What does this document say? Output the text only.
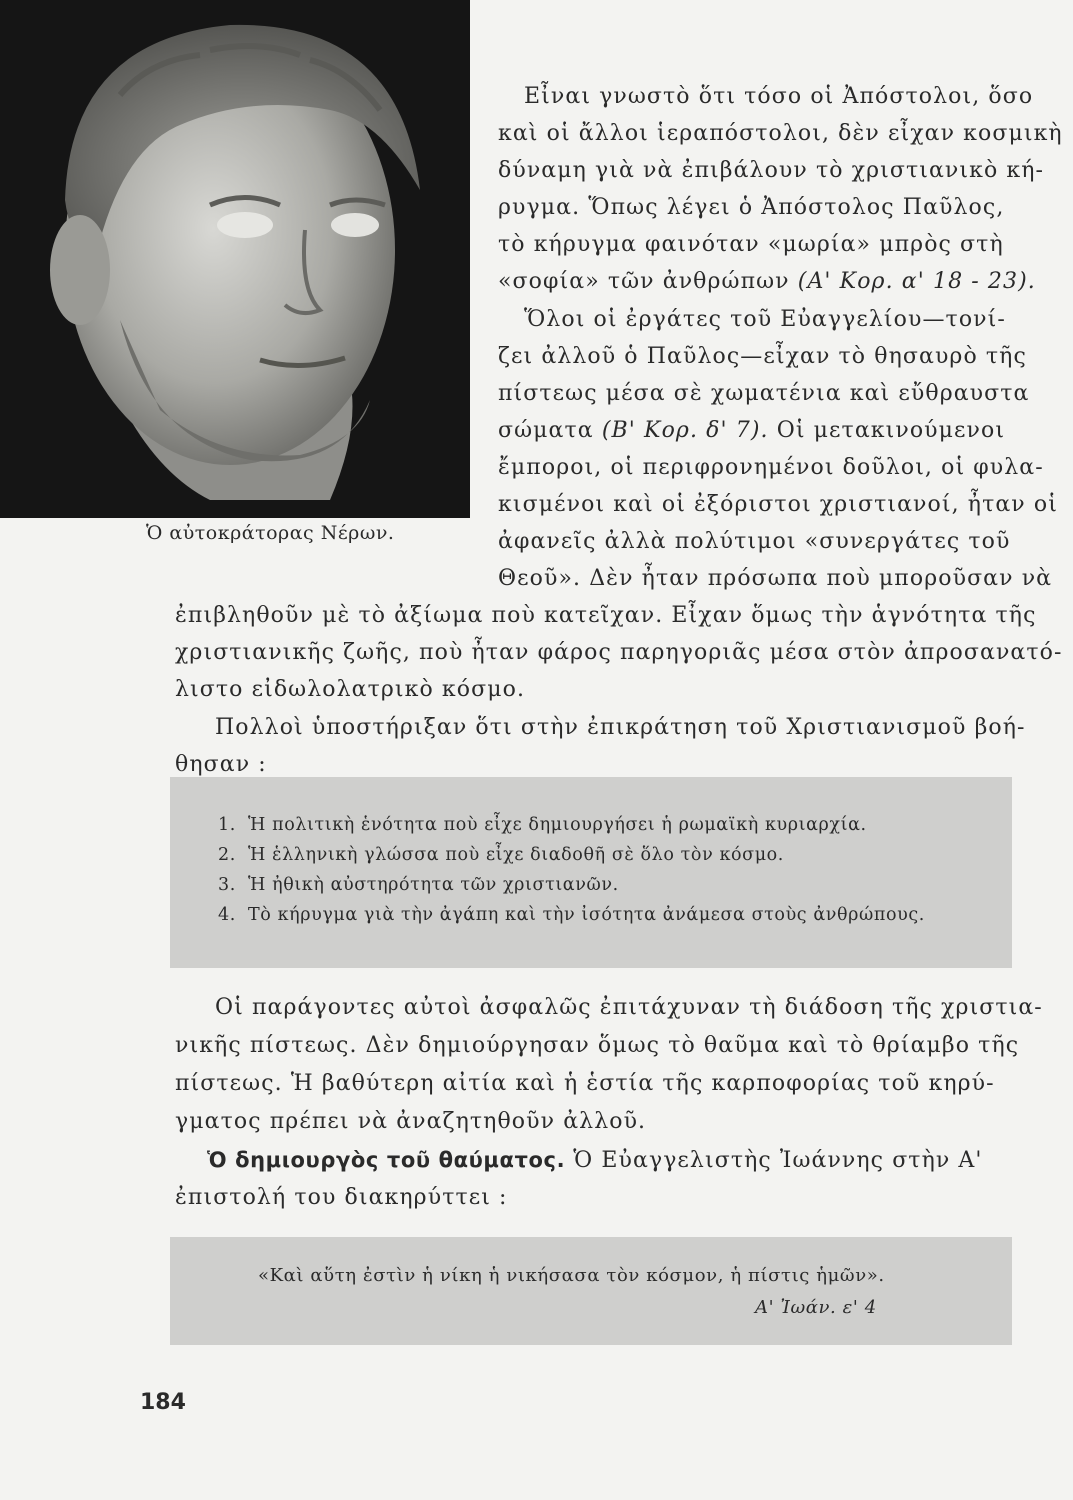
Ὁ αὐτοκράτορας Νέρων.
Εἶναι γνωστὸ ὅτι τόσο οἱ Ἀπόστολοι, ὅσο
καὶ οἱ ἄλλοι ἱεραπόστολοι, δὲν εἶχαν κοσμικὴ
δύναμη γιὰ νὰ ἐπιβάλουν τὸ χριστιανικὸ κή-
ρυγμα. Ὅπως λέγει ὁ Ἀπόστολος Παῦλος,
τὸ κήρυγμα φαινόταν «μωρία» μπρὸς στὴ
«σοφία» τῶν ἀνθρώπων (Α' Κορ. α' 18 - 23).
Ὅλοι οἱ ἐργάτες τοῦ Εὐαγγελίου—τονί-
ζει ἀλλοῦ ὁ Παῦλος—εἶχαν τὸ θησαυρὸ τῆς
πίστεως μέσα σὲ χωματένια καὶ εὔθραυστα
σώματα (Β' Κορ. δ' 7). Οἱ μετακινούμενοι
ἔμποροι, οἱ περιφρονημένοι δοῦλοι, οἱ φυλα-
κισμένοι καὶ οἱ ἐξόριστοι χριστιανοί, ἦταν οἱ
ἀφανεῖς ἀλλὰ πολύτιμοι «συνεργάτες τοῦ
Θεοῦ». Δὲν ἦταν πρόσωπα ποὺ μποροῦσαν νὰ
ἐπιβληθοῦν μὲ τὸ ἀξίωμα ποὺ κατεῖχαν. Εἶχαν ὅμως τὴν ἁγνότητα τῆς
χριστιανικῆς ζωῆς, ποὺ ἦταν φάρος παρηγοριᾶς μέσα στὸν ἀπροσανατό-
λιστο εἰδωλολατρικὸ κόσμο.
Πολλοὶ ὑποστήριξαν ὅτι στὴν ἐπικράτηση τοῦ Χριστιανισμοῦ βοή-
θησαν :
1. Ἡ πολιτικὴ ἑνότητα ποὺ εἶχε δημιουργήσει ἡ ρωμαϊκὴ κυριαρχία.
2. Ἡ ἑλληνικὴ γλώσσα ποὺ εἶχε διαδοθῆ σὲ ὅλο τὸν κόσμο.
3. Ἡ ἠθικὴ αὐστηρότητα τῶν χριστιανῶν.
4. Τὸ κήρυγμα γιὰ τὴν ἀγάπη καὶ τὴν ἰσότητα ἀνάμεσα στοὺς ἀνθρώπους.
Οἱ παράγοντες αὐτοὶ ἀσφαλῶς ἐπιτάχυναν τὴ διάδοση τῆς χριστια-
νικῆς πίστεως. Δὲν δημιούργησαν ὅμως τὸ θαῦμα καὶ τὸ θρίαμβο τῆς
πίστεως. Ἡ βαθύτερη αἰτία καὶ ἡ ἑστία τῆς καρποφορίας τοῦ κηρύ-
γματος πρέπει νὰ ἀναζητηθοῦν ἀλλοῦ.
Ὁ δημιουργὸς τοῦ θαύματος. Ὁ Εὐαγγελιστὴς Ἰωάννης στὴν Α'
ἐπιστολή του διακηρύττει :
«Καὶ αὕτη ἐστὶν ἡ νίκη ἡ νικήσασα τὸν κόσμον, ἡ πίστις ἡμῶν».
Α' Ἰωάν. ε' 4
184
